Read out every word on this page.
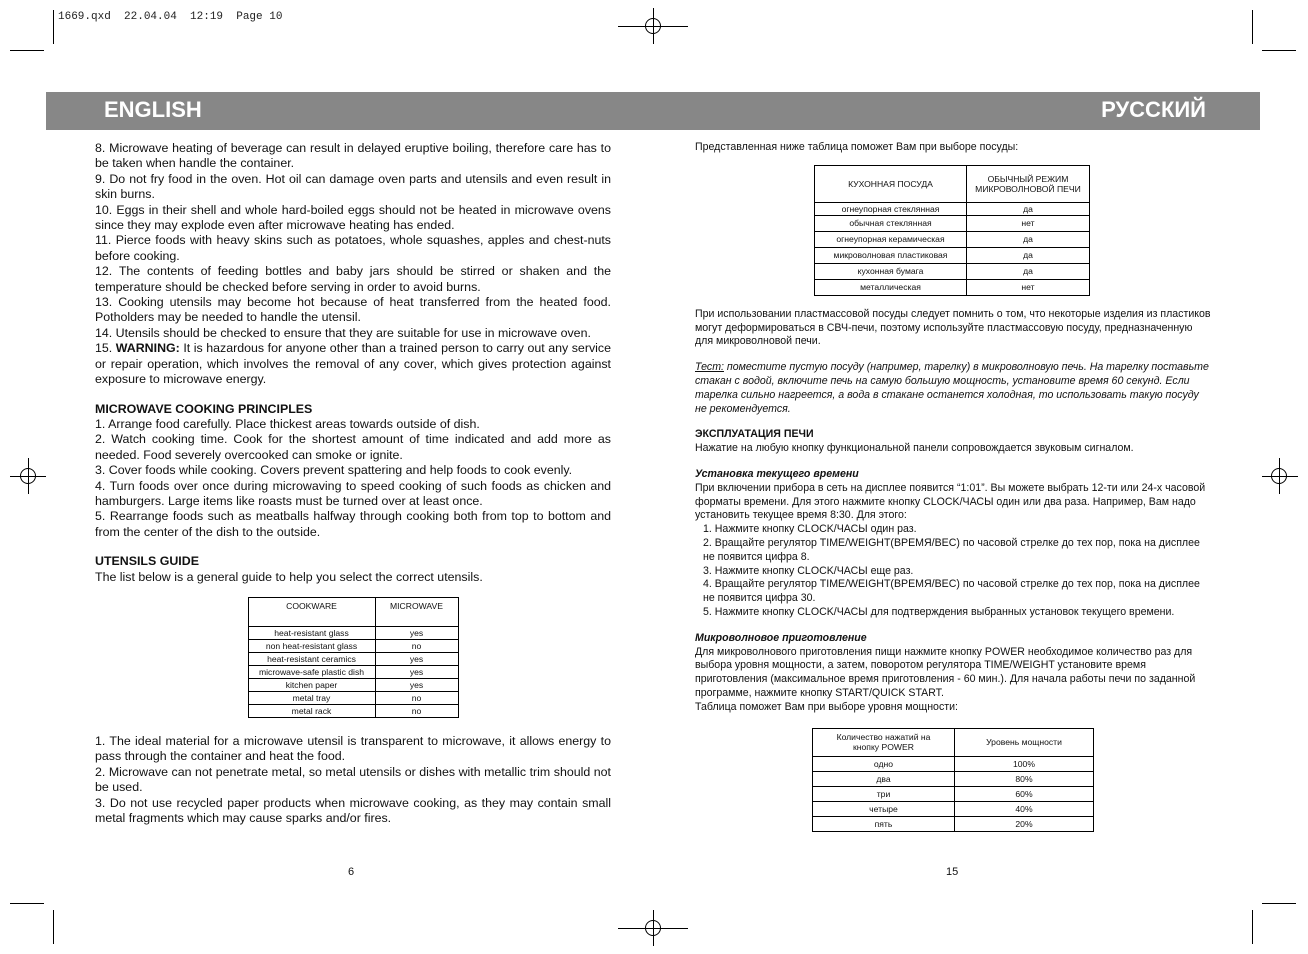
1669.qxd  22.04.04  12:19  Page 10
ENGLISH	РУССКИЙ

8. Microwave heating of beverage can result in delayed eruptive boiling, therefore care has to be taken when handle the container.

9. Do not fry food in the oven. Hot oil can damage oven parts and utensils and even result in skin burns.

10. Eggs in their shell and whole hard-boiled eggs should not be heated in microwave ovens since they may explode even after microwave heating has ended.

11. Pierce foods with heavy skins such as potatoes, whole squashes, apples and chest-nuts before cooking.

12. The contents of feeding bottles and baby jars should be stirred or shaken and the temperature should be checked before serving in order to avoid burns.

13. Cooking utensils may become hot because of heat transferred from the heated food. Potholders may be needed to handle the utensil.

14. Utensils should be checked to ensure that they are suitable for use in microwave oven.

15. WARNING: It is hazardous for anyone other than a trained person to carry out any service or repair operation, which involves the removal of any cover, which gives protection against exposure to microwave energy.

MICROWAVE COOKING PRINCIPLES

1. Arrange food carefully. Place thickest areas towards outside of dish.

2. Watch cooking time. Cook for the shortest amount of time indicated and add more as needed. Food severely overcooked can smoke or ignite.

3. Cover foods while cooking. Covers prevent spattering and help foods to cook evenly.

4. Turn foods over once during microwaving to speed cooking of such foods as chicken and hamburgers. Large items like roasts must be turned over at least once.

5. Rearrange foods such as meatballs halfway through cooking both from top to bottom and from the center of the dish to the outside.

UTENSILS GUIDE

The list below is a general guide to help you select the correct utensils.

COOKWARE	MICROWAVE
heat-resistant glass	yes
non heat-resistant glass	no
heat-resistant ceramics	yes
microwave-safe plastic dish	yes
kitchen paper	yes
metal tray	no
metal rack	no

1. The ideal material for a microwave utensil is transparent to microwave, it allows energy to pass through the container and heat the food.

2. Microwave can not penetrate metal, so metal utensils or dishes with metallic trim should not be used.

3. Do not use recycled paper products when microwave cooking, as they may contain small metal fragments which may cause sparks and/or fires.

6

Представленная ниже таблица поможет Вам при выборе посуды:

КУХОННАЯ ПОСУДА	ОБЫЧНЫЙ РЕЖИМ МИКРОВОЛНОВОЙ ПЕЧИ
огнеупорная стеклянная	да
обычная стеклянная	нет
огнеупорная керамическая	да
микроволновая пластиковая	да
кухонная бумага	да
металлическая	нет

При использовании пластмассовой посуды следует помнить о том, что некоторые изделия из пластиков могут деформироваться в СВЧ-печи, поэтому используйте пластмассовую посуду, предназначенную для микроволновой печи.

Тест: поместите пустую посуду (например, тарелку) в микроволновую печь. На тарелку поставьте стакан с водой, включите печь на самую большую мощность, установите время 60 секунд. Если тарелка сильно нагреется, а вода в стакане останется холодная, то использовать такую посуду не рекомендуется.

ЭКСПЛУАТАЦИЯ ПЕЧИ

Нажатие на любую кнопку функциональной панели сопровождается звуковым сигналом.

Установка текущего времени

При включении прибора в сеть на дисплее появится “1:01”. Вы можете выбрать 12-ти или 24-х часовой форматы времени. Для этого нажмите кнопку CLOCK/ЧАСЫ один или два раза. Например, Вам надо установить текущее время 8:30. Для этого:

1. Нажмите кнопку CLOCK/ЧАСЫ один раз.

2. Вращайте регулятор TIME/WEIGHT(ВРЕМЯ/ВЕС) по часовой стрелке до тех пор, пока на дисплее не появится цифра 8.

3. Нажмите кнопку CLOCK/ЧАСЫ еще раз.

4. Вращайте регулятор TIME/WEIGHT(ВРЕМЯ/ВЕС) по часовой стрелке до тех пор, пока на дисплее не появится цифра 30.

5. Нажмите кнопку CLOCK/ЧАСЫ для подтверждения выбранных установок текущего времени.

Микроволновое приготовление

Для микроволнового приготовления пищи нажмите кнопку POWER необходимое количество раз для выбора уровня мощности, а затем, поворотом регулятора TIME/WEIGHT установите время приготовления (максимальное время приготовления - 60 мин.). Для начала работы печи по заданной программе, нажмите кнопку START/QUICK START.

Таблица поможет Вам при выборе уровня мощности:

Количество нажатий на кнопку POWER	Уровень мощности
одно	100%
два	80%
три	60%
четыре	40%
пять	20%
15
